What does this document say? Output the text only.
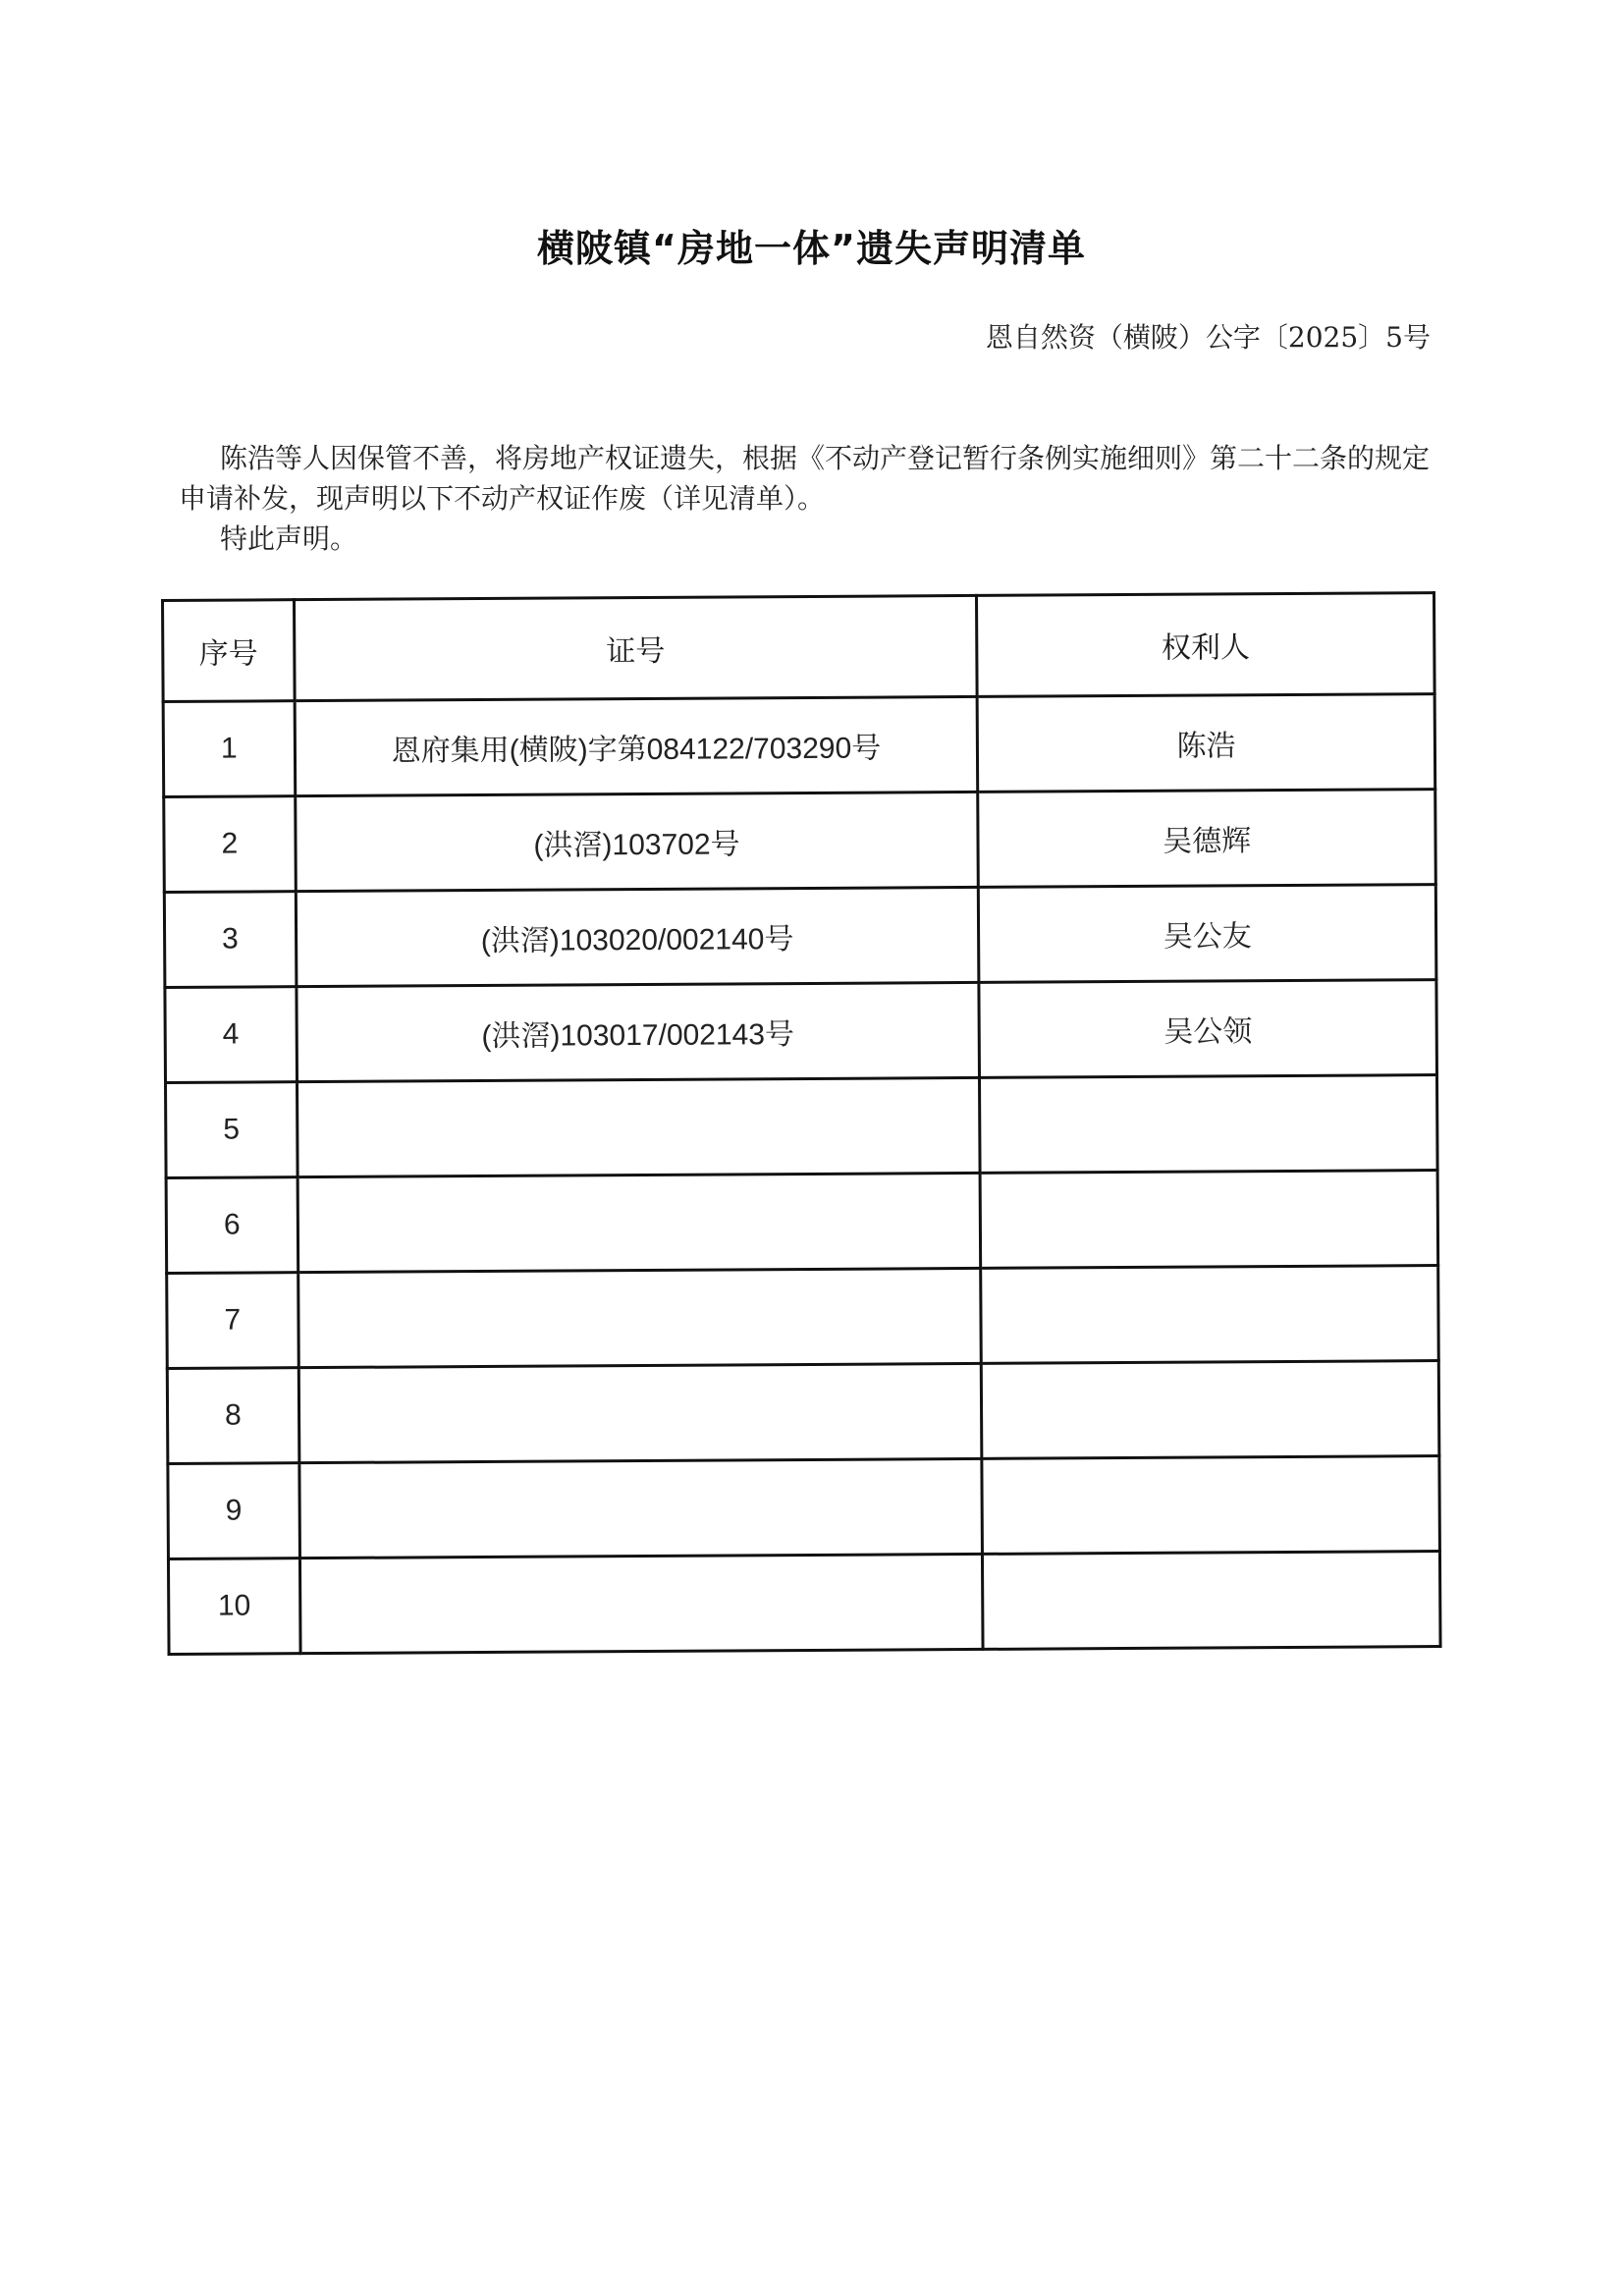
横陂镇“房地一体”遗失声明清单
恩自然资（横陂）公字〔2025〕5号
陈浩等人因保管不善，将房地产权证遗失，根据《不动产登记暂行条例实施细则》第二十二条的规定申请补发，现声明以下不动产权证作废（详见清单）。
特此声明。
序号	证号	权利人
1	恩府集用(横陂)字第084122/703290号	陈浩
2	(洪滘)103702号	吴德辉
3	(洪滘)103020/002140号	吴公友
4	(洪滘)103017/002143号	吴公领
5		
6		
7		
8		
9		
10		
